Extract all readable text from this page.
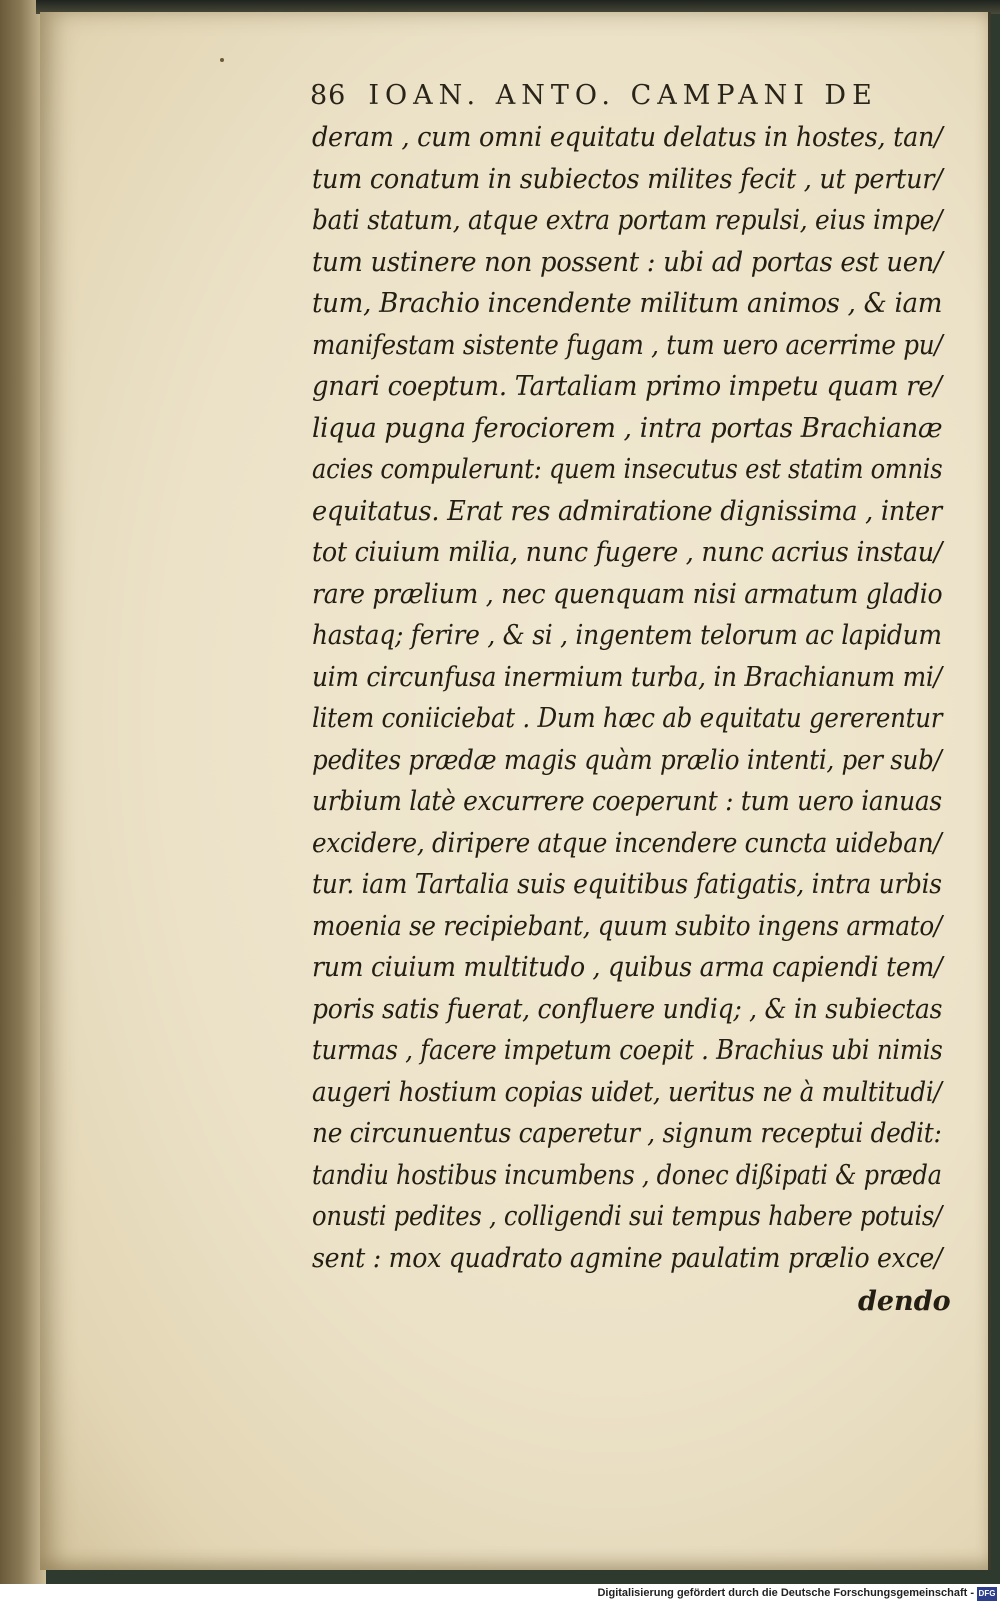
86 IOAN. ANTO. CAMPANI DE
deram , cum omni equitatu delatus in hostes, tan/
tum conatum in subiectos milites fecit , ut pertur/
bati statum, atque extra portam repulsi, eius impe/
tum ustinere non possent : ubi ad portas est uen/
tum, Brachio incendente militum animos , & iam
manifestam sistente fugam , tum uero acerrime pu/
gnari coeptum. Tartaliam primo impetu quam re/
liqua pugna ferociorem , intra portas Brachianæ
acies compulerunt: quem insecutus est statim omnis
equitatus. Erat res admiratione dignissima , inter
tot ciuium milia, nunc fugere , nunc acrius instau/
rare prælium , nec quenquam nisi armatum gladio
hastaq; ferire , & si , ingentem telorum ac lapidum
uim circunfusa inermium turba, in Brachianum mi/
litem coniiciebat . Dum hæc ab equitatu gererentur
pedites prædæ magis quàm prælio intenti, per sub/
urbium latè excurrere coeperunt : tum uero ianuas
excidere, diripere atque incendere cuncta uideban/
tur. iam Tartalia suis equitibus fatigatis, intra urbis
moenia se recipiebant, quum subito ingens armato/
rum ciuium multitudo , quibus arma capiendi tem/
poris satis fuerat, confluere undiq; , & in subiectas
turmas , facere impetum coepit . Brachius ubi nimis
augeri hostium copias uidet, ueritus ne à multitudi/
ne circunuentus caperetur , signum receptui dedit:
tandiu hostibus incumbens , donec dißipati & præda
onusti pedites , colligendi sui tempus habere potuis/
sent : mox quadrato agmine paulatim prælio exce/
dendo
Digitalisierung gefördert durch die Deutsche Forschungsgemeinschaft - DFG
